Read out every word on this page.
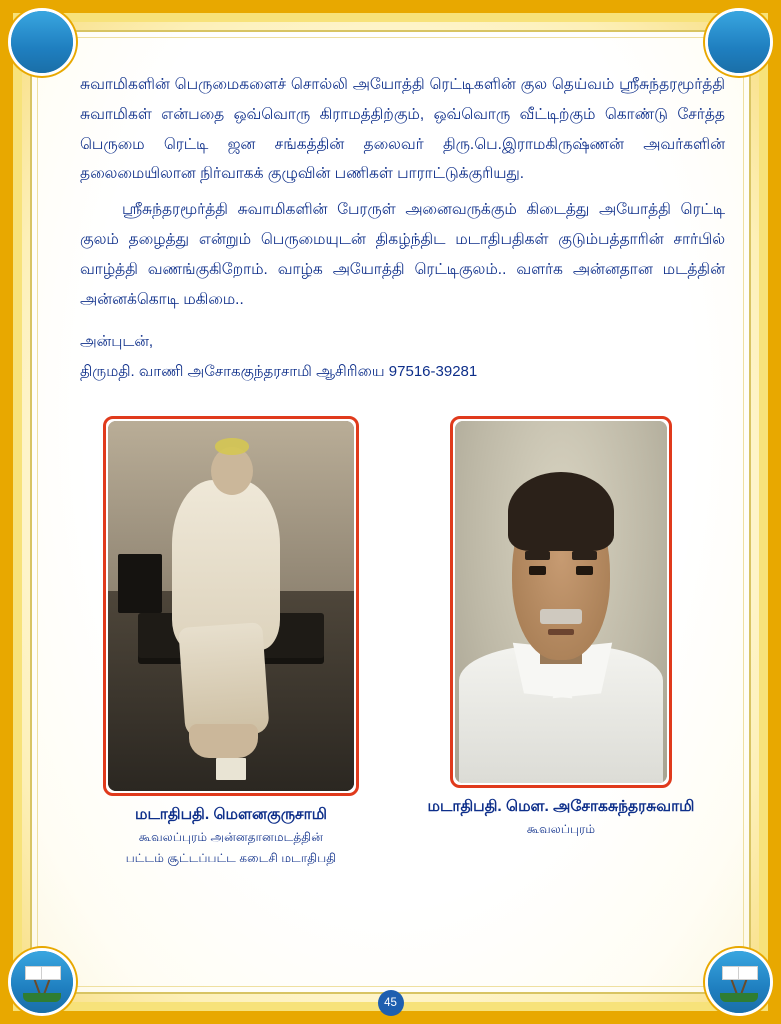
சுவாமிகளின் பெருமைகளைச் சொல்லி அயோத்தி ரெட்டிகளின் குல தெய்வம் ஸ்ரீசுந்தரமூர்த்தி சுவாமிகள் என்பதை ஒவ்வொரு கிராமத்திற்கும், ஒவ்வொரு வீட்டிற்கும் கொண்டு சேர்த்த பெருமை ரெட்டி ஜன சங்கத்தின் தலைவர் திரு.பெ.இராமகிருஷ்ணன் அவர்களின் தலைமையிலான நிர்வாகக் குழுவின் பணிகள் பாராட்டுக்குரியது.

ஸ்ரீசுந்தரமூர்த்தி சுவாமிகளின் பேரருள் அனைவருக்கும் கிடைத்து அயோத்தி ரெட்டி குலம் தழைத்து என்றும் பெருமையுடன் திகழ்ந்திட மடாதிபதிகள் குடும்பத்தாரின் சார்பில் வாழ்த்தி வணங்குகிறோம். வாழ்க அயோத்தி ரெட்டிகுலம்.. வளர்க அன்னதான மடத்தின் அன்னக்கொடி மகிமை..

அன்புடன்,

திருமதி. வாணி அசோககுந்தரசாமி ஆசிரியை 97516-39281

மடாதிபதி. மௌனகுருசாமி
கூவலப்புரம் அன்னதானமடத்தின்
பட்டம் சூட்டப்பட்ட கடைசி மடாதிபதி
மடாதிபதி. மௌ. அசோகசுந்தரசுவாமி
கூவலப்புரம்
45
